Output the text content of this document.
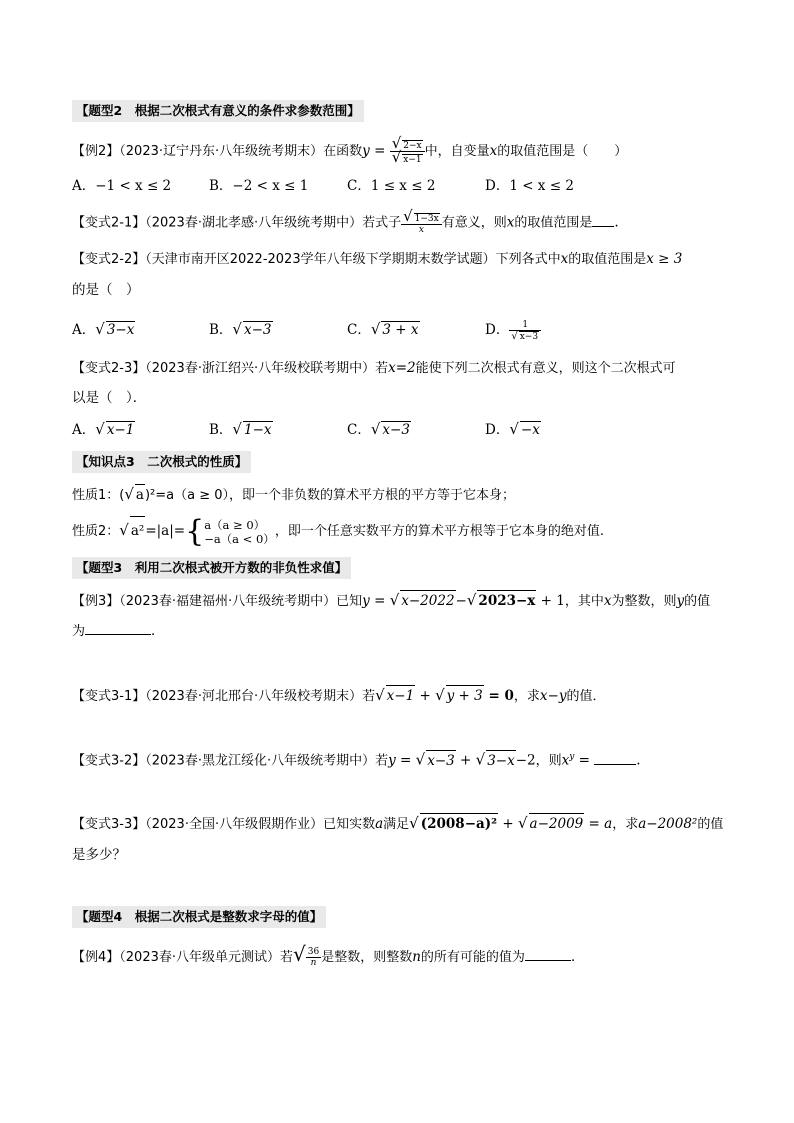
【题型2　根据二次根式有意义的条件求参数范围】
【例2】（2023·辽宁丹东·八年级统考期末）在函数$y = \frac{√ 2-x}{√ x-1}$ 中，自变量x的取值范围是（　　）
A．−1 < x ≤ 2	B．−2 < x ≤ 1	C．1 ≤ x ≤ 2	D．1 < x ≤ 2
【变式2-1】（2023春·湖北孝感·八年级统考期中）若式子 $\frac{√ 1-3x}{x}$ 有意义，则x的取值范围是 .
【变式2-2】（天津市南开区2022-2023学年八年级下学期期末数学试题）下列各式中x的取值范围是x ≥ 3
的是（　）
A．√ 3−x	B．√ x−3	C．√ 3 + x	D． $\frac{1}{√ x-3}$
【变式2-3】（2023春·浙江绍兴·八年级校联考期中）若x=2能使下列二次根式有意义，则这个二次根式可
以是（　）．
A．√ x−1	B．√ 1−x	C．√ x−3	D．√ −x
【知识点3　二次根式的性质】
性质1：(√ a)²=a（a ≥ 0），即一个非负数的算术平方根的平方等于它本身；
性质2：√ a²=|a|={ a（a ≥ 0）
−a（a < 0） ，即一个任意实数平方的算术平方根等于它本身的绝对值.
【题型3　利用二次根式被开方数的非负性求值】
【例3】（2023春·福建福州·八年级统考期中）已知y = √ x−2022−√ 2023−x + 1，其中x为整数，则y的值
为	．
【变式3-1】（2023春·河北邢台·八年级校考期末）若√ x−1 + √ y + 3 = 0，求x−y的值．
【变式3-2】（2023春·黑龙江绥化·八年级统考期中）若y = √ x−3 + √ 3−x−2，则$x^y$ =	.
【变式3-3】（2023·全国·八年级假期作业）已知实数a满足√ (2008−a)² + √ a−2009 = a，求a−2008²的值
是多少？
【题型4　根据二次根式是整数求字母的值】
【例4】（2023春·八年级单元测试）若√ $\frac{36}{n}$ 是整数，则整数n的所有可能的值为	．
